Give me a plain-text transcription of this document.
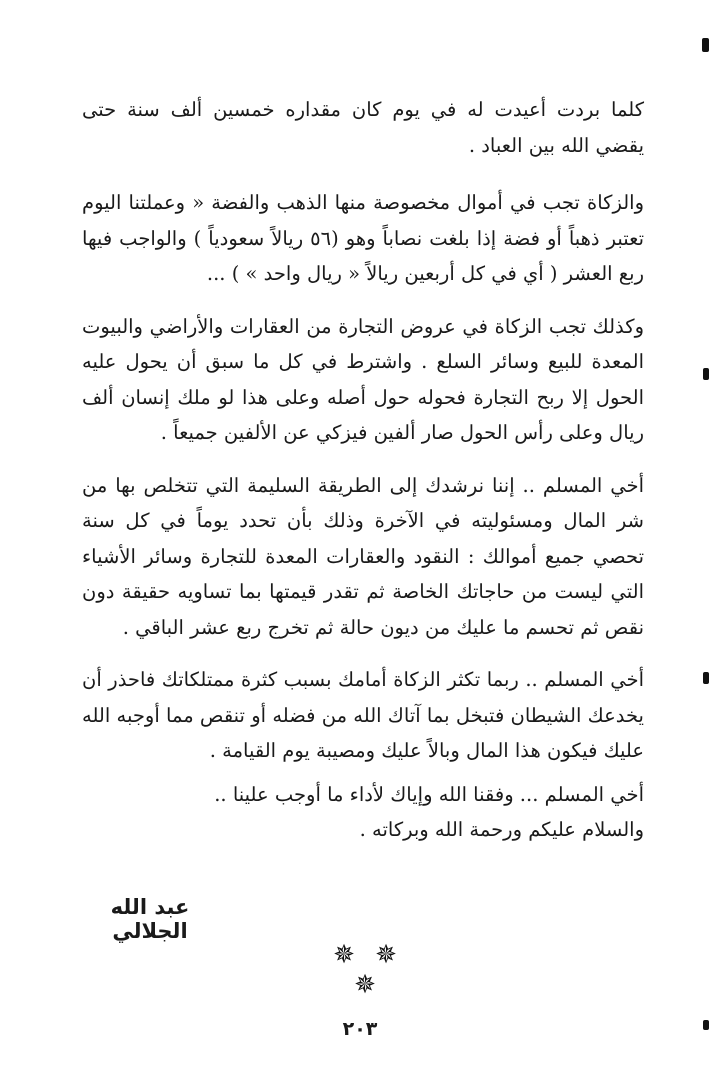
كلما بردت أعيدت له في يوم كان مقداره خمسين ألف سنة حتى يقضي الله بين العباد .

والزكاة تجب في أموال مخصوصة منها الذهب والفضة « وعملتنا اليوم تعتبر ذهباً أو فضة إذا بلغت نصاباً وهو (٥٦ ريالاً سعودياً ) والواجب فيها ربع العشر ( أي في كل أربعين ريالاً « ريال واحد » ) ...

وكذلك تجب الزكاة في عروض التجارة من العقارات والأراضي والبيوت المعدة للبيع وسائر السلع . واشترط في كل ما سبق أن يحول عليه الحول إلا ربح التجارة فحوله حول أصله وعلى هذا لو ملك إنسان ألف ريال وعلى رأس الحول صار ألفين فيزكي عن الألفين جميعاً .

أخي المسلم .. إننا نرشدك إلى الطريقة السليمة التي تتخلص بها من شر المال ومسئوليته في الآخرة وذلك بأن تحدد يوماً في كل سنة تحصي جميع أموالك : النقود والعقارات المعدة للتجارة وسائر الأشياء التي ليست من حاجاتك الخاصة ثم تقدر قيمتها بما تساويه حقيقة دون نقص ثم تحسم ما عليك من ديون حالة ثم تخرج ربع عشر الباقي .

أخي المسلم .. ربما تكثر الزكاة أمامك بسبب كثرة ممتلكاتك فاحذر أن يخدعك الشيطان فتبخل بما آتاك الله من فضله أو تنقص مما أوجبه الله عليك فيكون هذا المال وبالاً عليك ومصيبة يوم القيامة .

أخي المسلم ... وفقنا الله وإياك لأداء ما أوجب علينا ..

والسلام عليكم ورحمة الله وبركاته .

عبد الله الجلالي
✵ ✵ ✵
٢٠٣
